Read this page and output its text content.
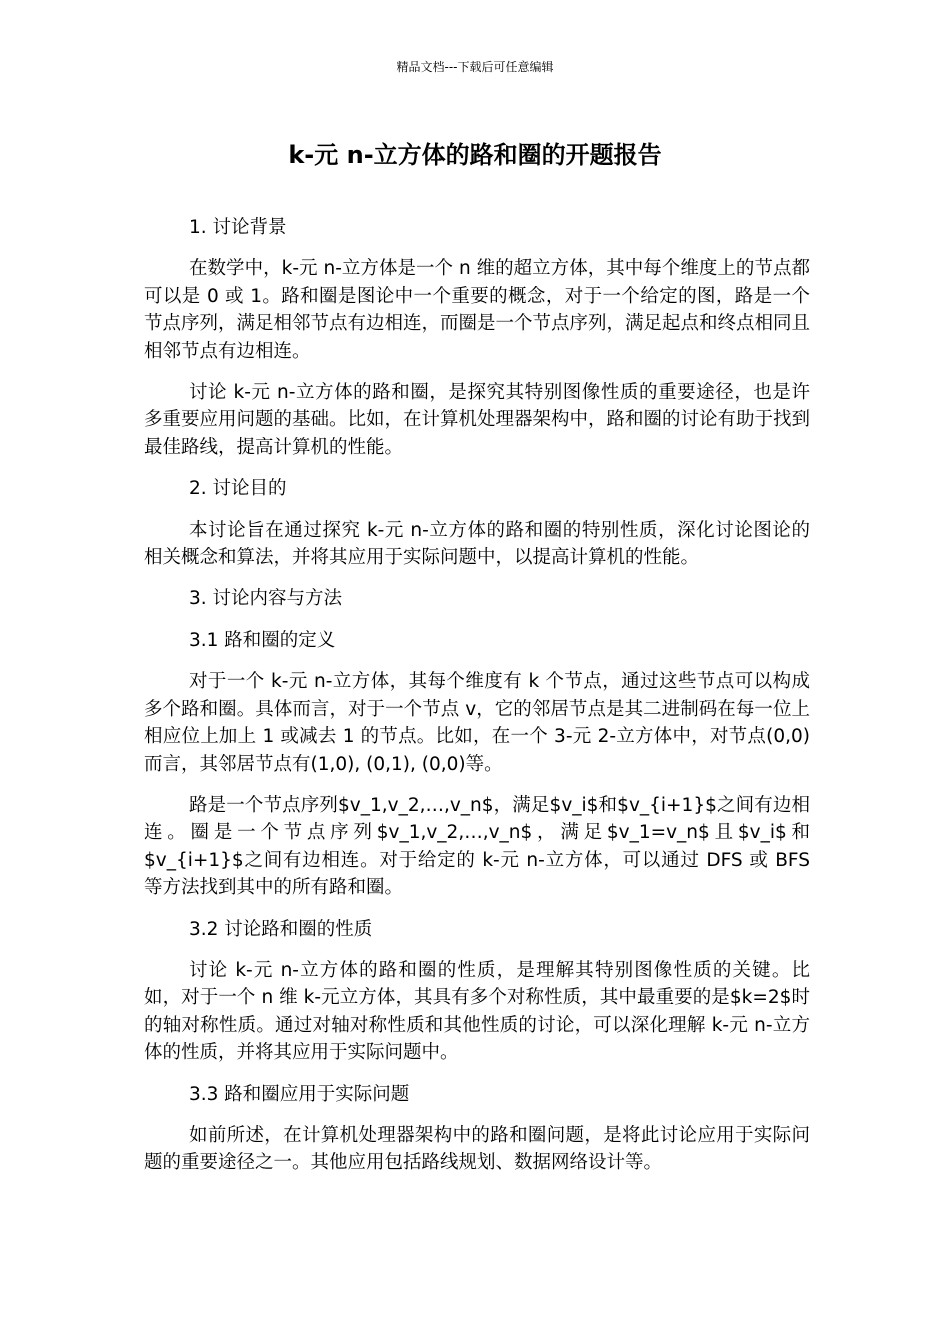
精品文档---下载后可任意编辑
k-元 n-立方体的路和圈的开题报告

1. 讨论背景

在数学中，k-元 n-立方体是一个 n 维的超立方体，其中每个维度上的节点都可以是 0 或 1。路和圈是图论中一个重要的概念，对于一个给定的图，路是一个节点序列，满足相邻节点有边相连，而圈是一个节点序列，满足起点和终点相同且相邻节点有边相连。

讨论 k-元 n-立方体的路和圈，是探究其特别图像性质的重要途径，也是许多重要应用问题的基础。比如，在计算机处理器架构中，路和圈的讨论有助于找到最佳路线，提高计算机的性能。

2. 讨论目的

本讨论旨在通过探究 k-元 n-立方体的路和圈的特别性质，深化讨论图论的相关概念和算法，并将其应用于实际问题中，以提高计算机的性能。

3. 讨论内容与方法

3.1 路和圈的定义

对于一个 k-元 n-立方体，其每个维度有 k 个节点，通过这些节点可以构成多个路和圈。具体而言，对于一个节点 v，它的邻居节点是其二进制码在每一位上相应位上加上 1 或减去 1 的节点。比如，在一个 3-元 2-立方体中，对节点(0,0)而言，其邻居节点有(1,0), (0,1), (0,0)等。

路是一个节点序列$v_1,v_2,…,v_n$，满足$v_i$和$v_{i+1}$之间有边相连。圈是一个节点序列$v_1,v_2,…,v_n$，满足$v_1=v_n$且$v_i$和$v_{i+1}$之间有边相连。对于给定的 k-元 n-立方体，可以通过 DFS 或 BFS 等方法找到其中的所有路和圈。

3.2 讨论路和圈的性质

讨论 k-元 n-立方体的路和圈的性质，是理解其特别图像性质的关键。比如，对于一个 n 维 k-元立方体，其具有多个对称性质，其中最重要的是$k=2$时的轴对称性质。通过对轴对称性质和其他性质的讨论，可以深化理解 k-元 n-立方体的性质，并将其应用于实际问题中。

3.3 路和圈应用于实际问题

如前所述，在计算机处理器架构中的路和圈问题，是将此讨论应用于实际问题的重要途径之一。其他应用包括路线规划、数据网络设计等。
